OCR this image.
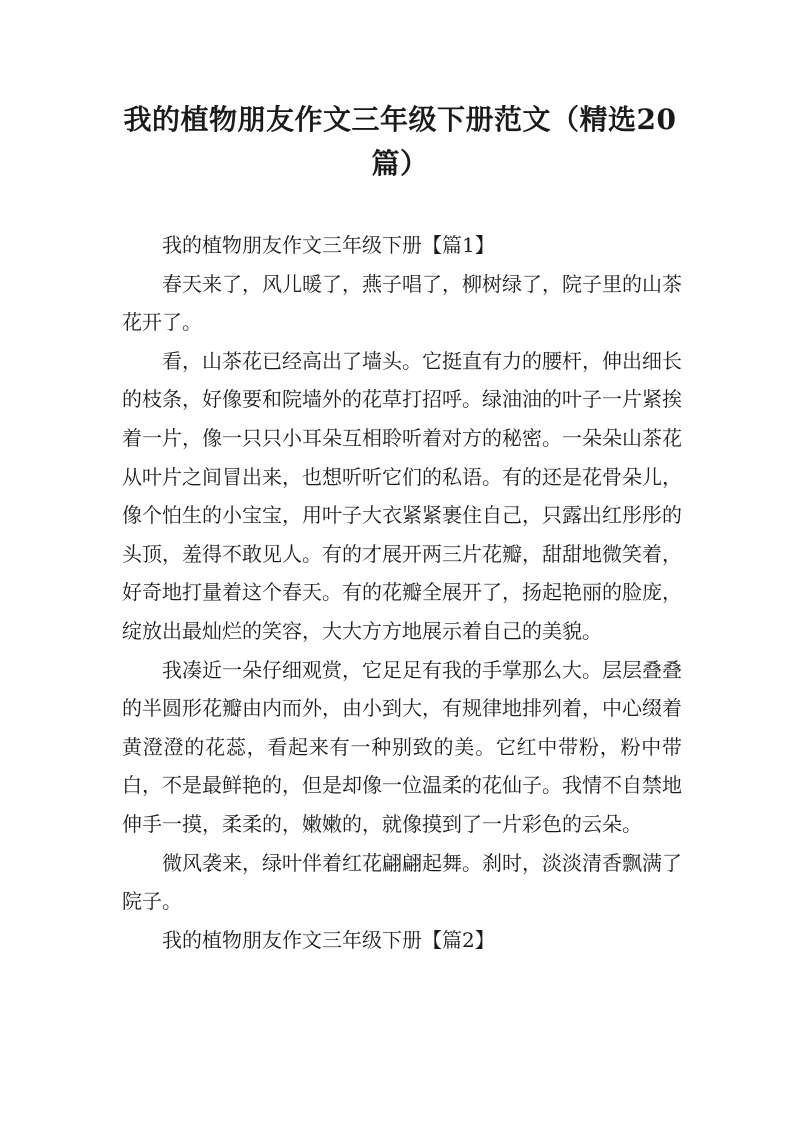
我的植物朋友作文三年级下册范文（精选20篇）

我的植物朋友作文三年级下册【篇1】

春天来了，风儿暖了，燕子唱了，柳树绿了，院子里的山茶花开了。

看，山茶花已经高出了墙头。它挺直有力的腰杆，伸出细长的枝条，好像要和院墙外的花草打招呼。绿油油的叶子一片紧挨着一片，像一只只小耳朵互相聆听着对方的秘密。一朵朵山茶花从叶片之间冒出来，也想听听它们的私语。有的还是花骨朵儿，像个怕生的小宝宝，用叶子大衣紧紧裹住自己，只露出红彤彤的头顶，羞得不敢见人。有的才展开两三片花瓣，甜甜地微笑着，好奇地打量着这个春天。有的花瓣全展开了，扬起艳丽的脸庞，绽放出最灿烂的笑容，大大方方地展示着自己的美貌。

我凑近一朵仔细观赏，它足足有我的手掌那么大。层层叠叠的半圆形花瓣由内而外，由小到大，有规律地排列着，中心缀着黄澄澄的花蕊，看起来有一种别致的美。它红中带粉，粉中带白，不是最鲜艳的，但是却像一位温柔的花仙子。我情不自禁地伸手一摸，柔柔的，嫩嫩的，就像摸到了一片彩色的云朵。

微风袭来，绿叶伴着红花翩翩起舞。刹时，淡淡清香飘满了院子。

我的植物朋友作文三年级下册【篇2】
